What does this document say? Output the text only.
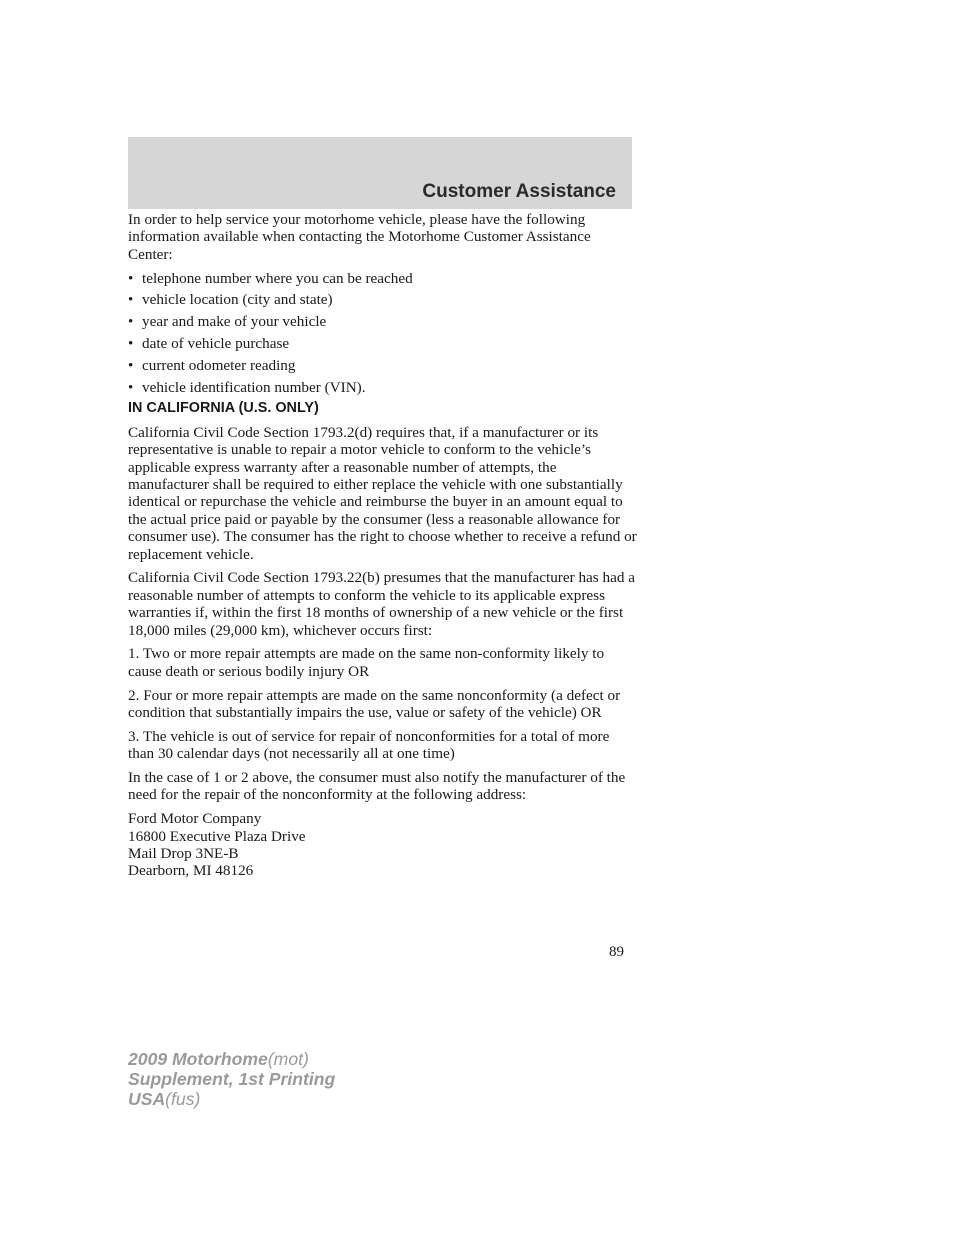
Customer Assistance

In order to help service your motorhome vehicle, please have the following information available when contacting the Motorhome Customer Assistance Center:

• telephone number where you can be reached
• vehicle location (city and state)
• year and make of your vehicle
• date of vehicle purchase
• current odometer reading
• vehicle identification number (VIN).
IN CALIFORNIA (U.S. ONLY)

California Civil Code Section 1793.2(d) requires that, if a manufacturer or its representative is unable to repair a motor vehicle to conform to the vehicle’s applicable express warranty after a reasonable number of attempts, the manufacturer shall be required to either replace the vehicle with one substantially identical or repurchase the vehicle and reimburse the buyer in an amount equal to the actual price paid or payable by the consumer (less a reasonable allowance for consumer use). The consumer has the right to choose whether to receive a refund or replacement vehicle.

California Civil Code Section 1793.22(b) presumes that the manufacturer has had a reasonable number of attempts to conform the vehicle to its applicable express warranties if, within the first 18 months of ownership of a new vehicle or the first 18,000 miles (29,000 km), whichever occurs first:

1. Two or more repair attempts are made on the same non-conformity likely to cause death or serious bodily injury OR

2. Four or more repair attempts are made on the same nonconformity (a defect or condition that substantially impairs the use, value or safety of the vehicle) OR

3. The vehicle is out of service for repair of nonconformities for a total of more than 30 calendar days (not necessarily all at one time)

In the case of 1 or 2 above, the consumer must also notify the manufacturer of the need for the repair of the nonconformity at the following address:

Ford Motor Company
16800 Executive Plaza Drive
Mail Drop 3NE-B
Dearborn, MI 48126
89
2009 Motorhome(mot)
Supplement, 1st Printing
USA(fus)
